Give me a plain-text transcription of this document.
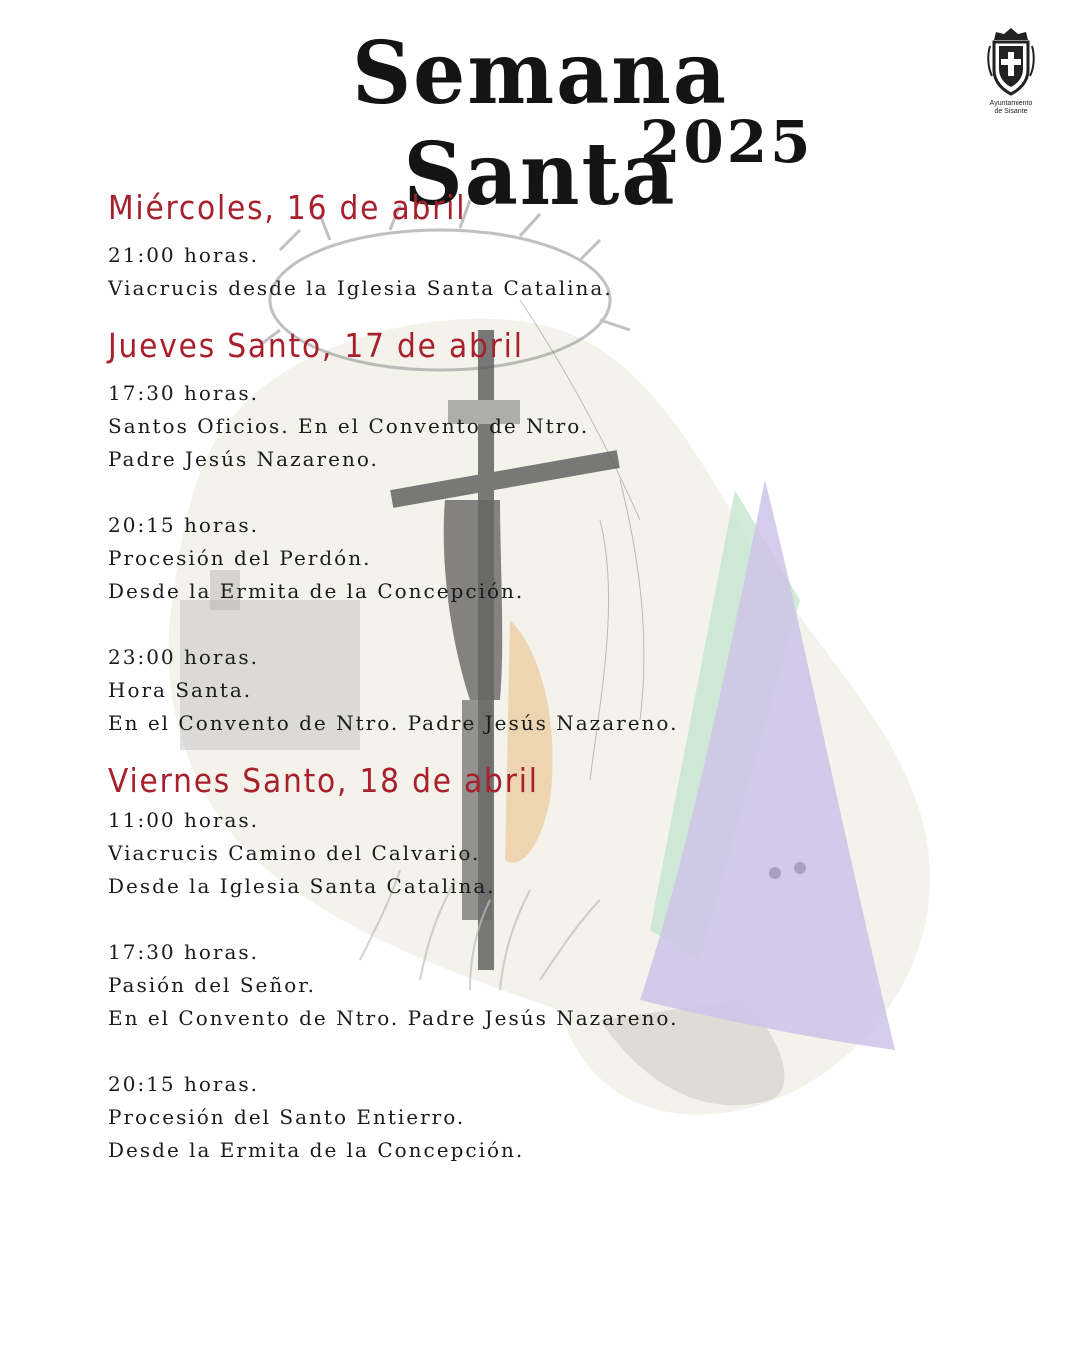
Semana Santa
2025
Ayuntamiento
de Sisante
Miércoles, 16 de abril
21:00 horas.
Viacrucis desde la Iglesia Santa Catalina.
Jueves Santo, 17 de abril
17:30 horas.
Santos Oficios. En el Convento de Ntro.
Padre Jesús Nazareno.
20:15 horas.
Procesión del Perdón.
Desde la Ermita de la Concepción.
23:00 horas.
Hora Santa.
En el Convento de Ntro. Padre Jesús Nazareno.
Viernes Santo, 18 de abril
11:00 horas.
Viacrucis Camino del Calvario.
Desde la Iglesia Santa Catalina.
17:30 horas.
Pasión del Señor.
En el Convento de Ntro. Padre Jesús Nazareno.
20:15 horas.
Procesión del Santo Entierro.
Desde la Ermita de la Concepción.
